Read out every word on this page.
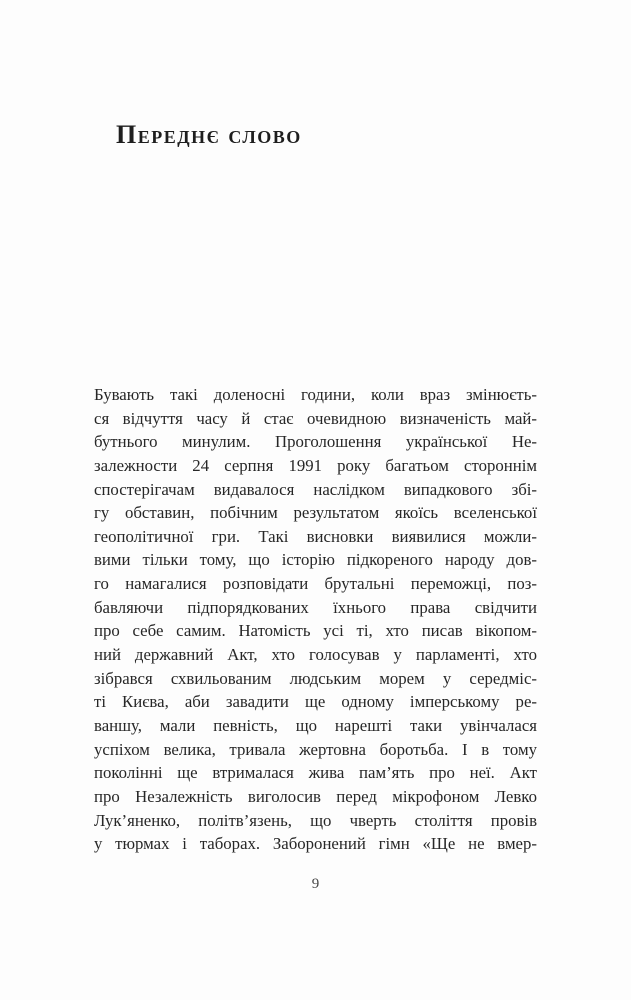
Переднє слово
Бувають такі доленосні години, коли враз змінюєть-
ся відчуття часу й стає очевидною визначеність май-
бутнього минулим. Проголошення української Не-
залежности 24 серпня 1991 року багатьом стороннім
спостерігачам видавалося наслідком випадкового збі-
гу обставин, побічним результатом якоїсь вселенської
геополітичної гри. Такі висновки виявилися можли-
вими тільки тому, що історію підкореного народу дов-
го намагалися розповідати брутальні переможці, поз-
бавляючи підпорядкованих їхнього права свідчити
про себе самим. Натомість усі ті, хто писав вікопом-
ний державний Акт, хто голосував у парламенті, хто
зібрався схвильованим людським морем у середміс-
ті Києва, аби завадити ще одному імперському ре-
ваншу, мали певність, що нарешті таки увінчалася
успіхом велика, тривала жертовна боротьба. І в тому
поколінні ще втрималася жива пам’ять про неї. Акт
про Незалежність виголосив перед мікрофоном Левко
Лук’яненко, політв’язень, що чверть століття провів
у тюрмах і таборах. Заборонений гімн «Ще не вмер-
9
